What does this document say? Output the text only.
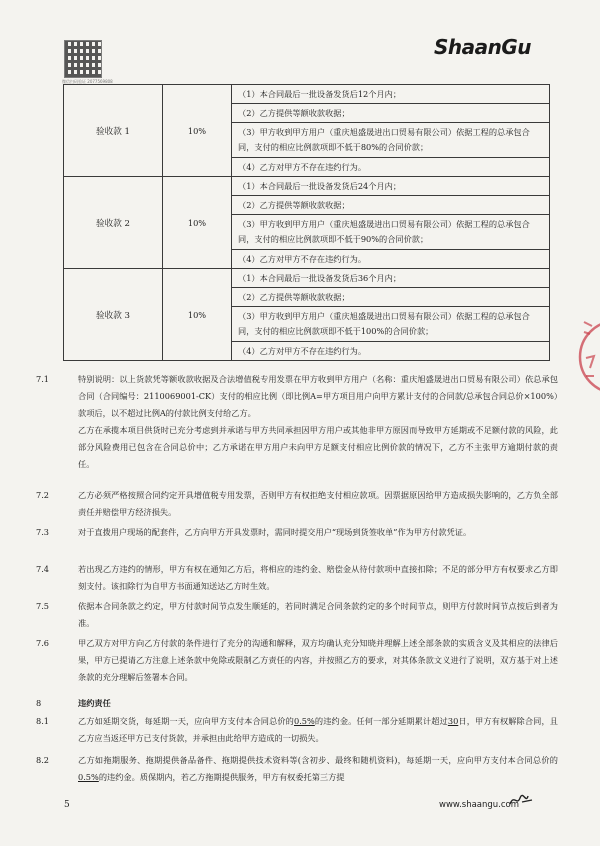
微信扫码验证 2077569808
ShaanGu
验收款 1	10%	（1）本合同最后一批设备发货后12个月内；
		（2）乙方提供等额收款收据；
		（3）甲方收到甲方用户（重庆旭盛晟进出口贸易有限公司）依据工程的总承包合同，支付的相应比例款项即不低于80%的合同价款；
		（4）乙方对甲方不存在违约行为。
验收款 2	10%	（1）本合同最后一批设备发货后24个月内；
		（2）乙方提供等额收款收据；
		（3）甲方收到甲方用户（重庆旭盛晟进出口贸易有限公司）依据工程的总承包合同，支付的相应比例款项即不低于90%的合同价款；
		（4）乙方对甲方不存在违约行为。
验收款 3	10%	（1）本合同最后一批设备发货后36个月内；
		（2）乙方提供等额收款收据；
		（3）甲方收到甲方用户（重庆旭盛晟进出口贸易有限公司）依据工程的总承包合同，支付的相应比例款项即不低于100%的合同价款；
		（4）乙方对甲方不存在违约行为。
7.1	特别说明：以上货款凭等额收款收据及合法增值税专用发票在甲方收到甲方用户（名称：重庆旭盛晟进出口贸易有限公司）依总承包合同（合同编号：2110069001-CK）支付的相应比例（即比例A=甲方项目用户向甲方累计支付的合同款/总承包合同总价×100%）款项后，以不超过比例A的付款比例支付给乙方。
乙方在承揽本项目供货时已充分考虑到并承诺与甲方共同承担因甲方用户或其他非甲方原因而导致甲方延期或不足额付款的风险，此部分风险费用已包含在合同总价中；乙方承诺在甲方用户未向甲方足额支付相应比例价款的情况下，乙方不主张甲方逾期付款的责任。
7.2	乙方必须严格按照合同约定开具增值税专用发票，否则甲方有权拒绝支付相应款项。因票据原因给甲方造成损失影响的，乙方负全部责任并赔偿甲方经济损失。
7.3	对于直拨用户现场的配套件，乙方向甲方开具发票时，需同时提交用户“现场到货签收单”作为甲方付款凭证。
7.4	若出现乙方违约的情形，甲方有权在通知乙方后，将相应的违约金、赔偿金从待付款项中直接扣除；不足的部分甲方有权要求乙方即刻支付。该扣除行为自甲方书面通知送达乙方时生效。
7.5	依据本合同条款之约定，甲方付款时间节点发生顺延的，若同时满足合同条款约定的多个时间节点，则甲方付款时间节点按后到者为准。
7.6	甲乙双方对甲方向乙方付款的条件进行了充分的沟通和解释，双方均确认充分知晓并理解上述全部条款的实质含义及其相应的法律后果，甲方已提请乙方注意上述条款中免除或限制乙方责任的内容，并按照乙方的要求，对其体条款文义进行了说明，双方基于对上述条款的充分理解后签署本合同。
8	违约责任
8.1	乙方如延期交货，每延期一天，应向甲方支付本合同总价的0.5%的违约金。任何一部分延期累计超过30日，甲方有权解除合同，且乙方应当返还甲方已支付货款，并承担由此给甲方造成的一切损失。
8.2	乙方如拖期服务、拖期提供备品备件、拖期提供技术资料等(含初步、最终和随机资料)，每延期一天，应向甲方支付本合同总价的0.5%的违约金。质保期内，若乙方拖期提供服务，甲方有权委托第三方提
5	www.shaangu.com
